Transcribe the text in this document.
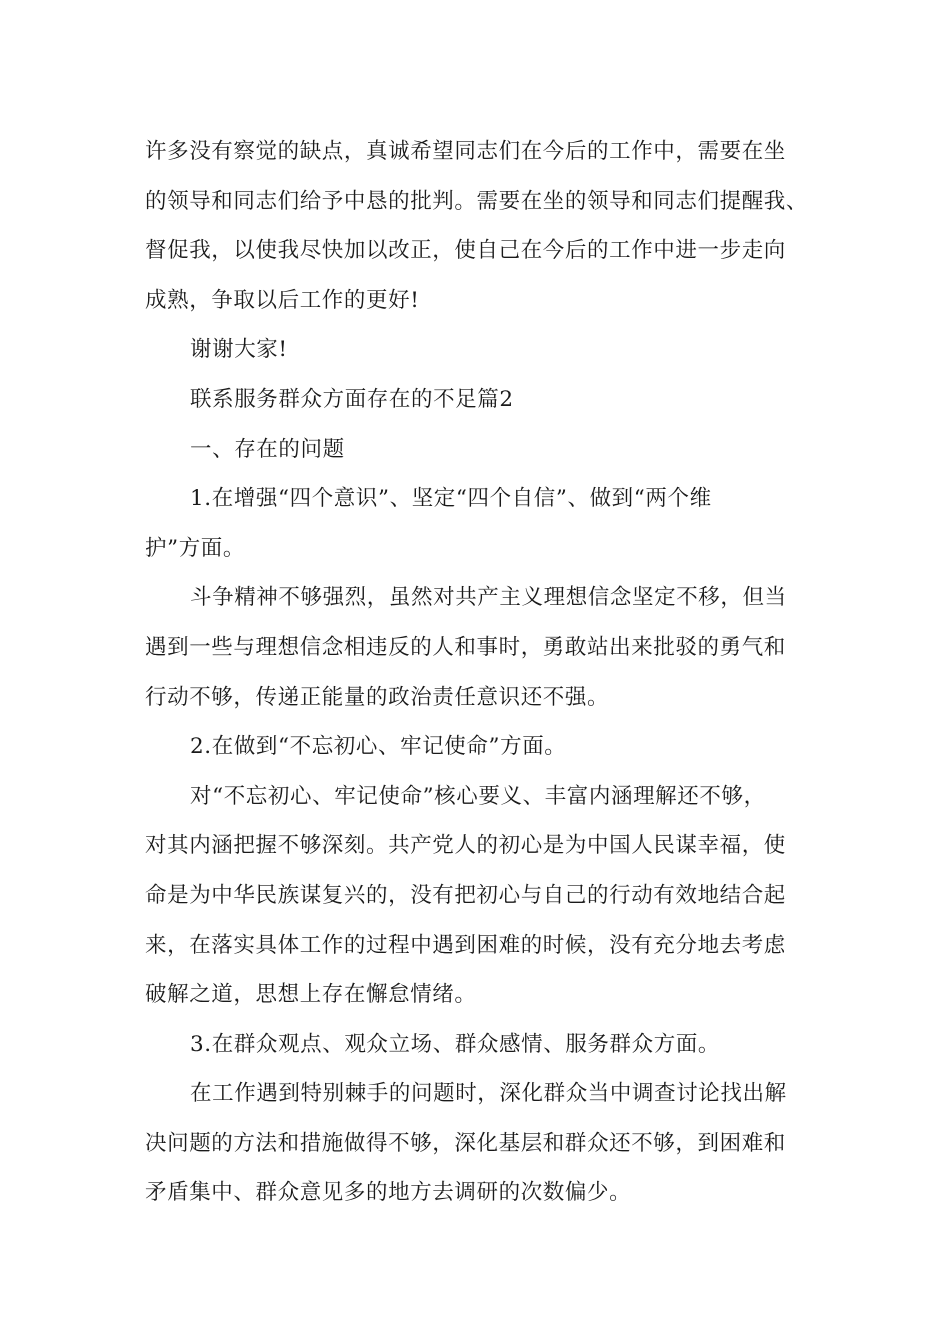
许多没有察觉的缺点，真诚希望同志们在今后的工作中，需要在坐

的领导和同志们给予中恳的批判。需要在坐的领导和同志们提醒我、

督促我，以使我尽快加以改正，使自己在今后的工作中进一步走向

成熟，争取以后工作的更好!

谢谢大家!

联系服务群众方面存在的不足篇2

一、存在的问题

1.在增强“四个意识”、坚定“四个自信”、做到“两个维

护”方面。

斗争精神不够强烈，虽然对共产主义理想信念坚定不移，但当

遇到一些与理想信念相违反的人和事时，勇敢站出来批驳的勇气和

行动不够，传递正能量的政治责任意识还不强。

2.在做到“不忘初心、牢记使命”方面。

对“不忘初心、牢记使命”核心要义、丰富内涵理解还不够，

对其内涵把握不够深刻。共产党人的初心是为中国人民谋幸福，使

命是为中华民族谋复兴的，没有把初心与自己的行动有效地结合起

来，在落实具体工作的过程中遇到困难的时候，没有充分地去考虑

破解之道，思想上存在懈怠情绪。

3.在群众观点、观众立场、群众感情、服务群众方面。

在工作遇到特别棘手的问题时，深化群众当中调查讨论找出解

决问题的方法和措施做得不够，深化基层和群众还不够，到困难和

矛盾集中、群众意见多的地方去调研的次数偏少。
